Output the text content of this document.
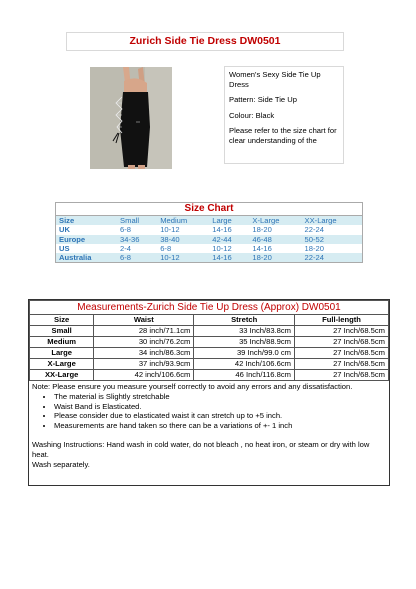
Zurich Side Tie Dress DW0501

Women's Sexy Side Tie Up Dress

Pattern: Side Tie Up

Colour: Black

Please refer to the size chart for clear understanding of the

Size Chart					
Size	Small	Medium	Large	X-Large	XX-Large
UK	6-8	10-12	14-16	18-20	22-24
Europe	34-36	38-40	42-44	46-48	50-52
US	2-4	6-8	10-12	14-16	18-20
Australia	6-8	10-12	14-16	18-20	22-24
Measurements-Zurich Side Tie Up Dress (Approx) DW0501			
Size	Waist	Stretch	Full-length
Small	28 inch/71.1cm	33 Inch/83.8cm	27 Inch/68.5cm
Medium	30 inch/76.2cm	35 Inch/88.9cm	27 Inch/68.5cm
Large	34 inch/86.3cm	39 Inch/99.0 cm	27 Inch/68.5cm
X-Large	37 inch/93.9cm	42 Inch/106.6cm	27 Inch/68.5cm
XX-Large	42 inch/106.6cm	46 Inch/116.8cm	27 Inch/68.5cm

Note: Please ensure you measure yourself correctly to avoid any errors and any dissatisfaction.

• The material is Slightly stretchable
• Waist Band is Elasticated.
• Please consider due to elasticated waist it can stretch up to +5 inch.
• Measurements are hand taken so there can be a variations of +- 1 inch

Washing Instructions: Hand wash in cold water, do not bleach , no heat iron, or steam or dry with low heat.

Wash separately.
